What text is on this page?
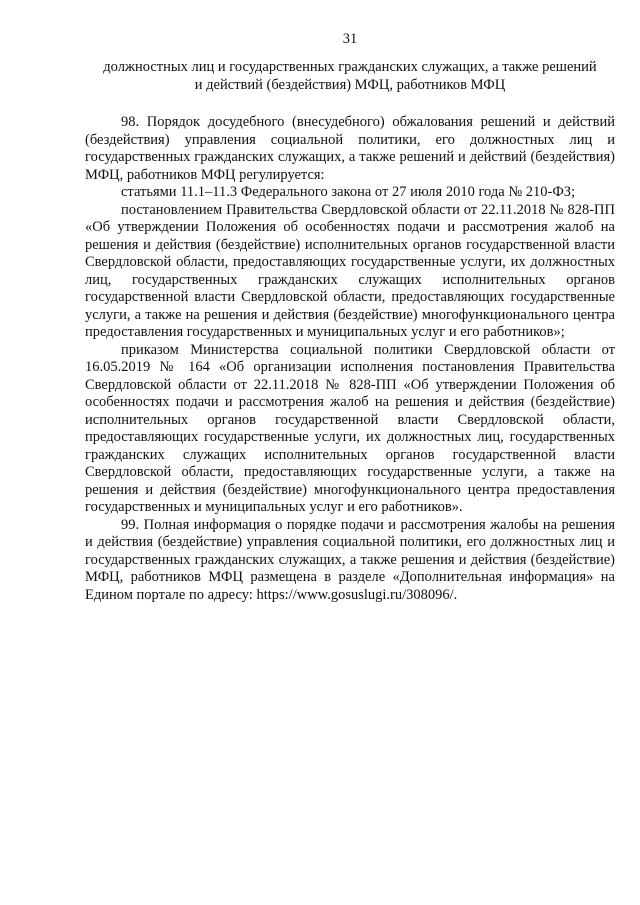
31
должностных лиц и государственных гражданских служащих, а также решений
и действий (бездействия) МФЦ, работников МФЦ

98. Порядок досудебного (внесудебного) обжалования решений и действий (бездействия) управления социальной политики, его должностных лиц и государственных гражданских служащих, а также решений и действий (бездействия) МФЦ, работников МФЦ регулируется:

статьями 11.1–11.3 Федерального закона от 27 июля 2010 года № 210-ФЗ;

постановлением Правительства Свердловской области от 22.11.2018 № 828-ПП «Об утверждении Положения об особенностях подачи и рассмотрения жалоб на решения и действия (бездействие) исполнительных органов государственной власти Свердловской области, предоставляющих государственные услуги, их должностных лиц, государственных гражданских служащих исполнительных органов государственной власти Свердловской области, предоставляющих государственные услуги, а также на решения и действия (бездействие) многофункционального центра предоставления государственных и муниципальных услуг и его работников»;

приказом Министерства социальной политики Свердловской области от 16.05.2019 № 164 «Об организации исполнения постановления Правительства Свердловской области от 22.11.2018 № 828-ПП «Об утверждении Положения об особенностях подачи и рассмотрения жалоб на решения и действия (бездействие) исполнительных органов государственной власти Свердловской области, предоставляющих государственные услуги, их должностных лиц, государственных гражданских служащих исполнительных органов государственной власти Свердловской области, предоставляющих государственные услуги, а также на решения и действия (бездействие) многофункционального центра предоставления государственных и муниципальных услуг и его работников».

99. Полная информация о порядке подачи и рассмотрения жалобы на решения и действия (бездействие) управления социальной политики, его должностных лиц и государственных гражданских служащих, а также решения и действия (бездействие) МФЦ, работников МФЦ размещена в разделе «Дополнительная информация» на Едином портале по адресу: https://www.gosuslugi.ru/308096/.
